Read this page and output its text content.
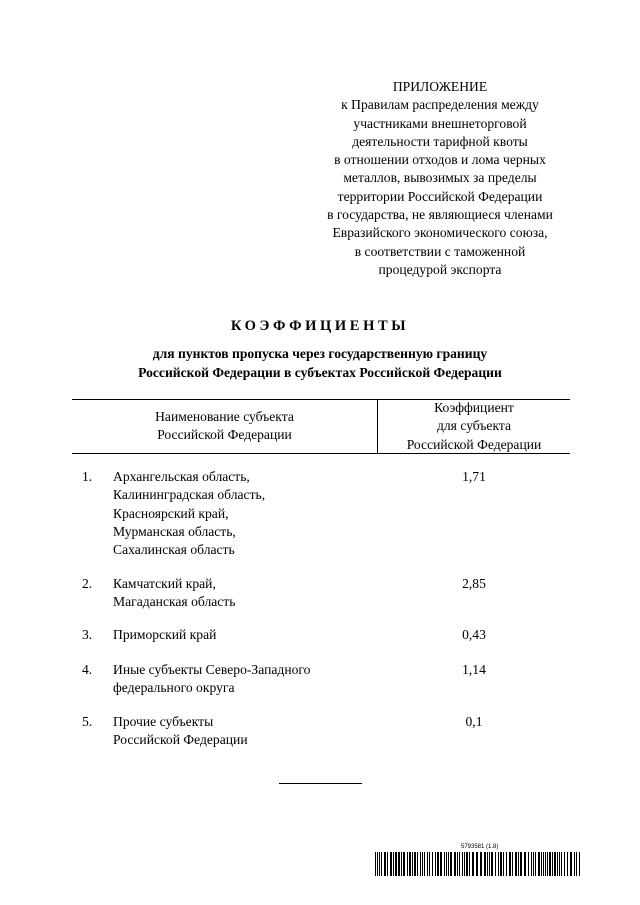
ПРИЛОЖЕНИЕ
к Правилам распределения между
участниками внешнеторговой
деятельности тарифной квоты
в отношении отходов и лома черных
металлов, вывозимых за пределы
территории Российской Федерации
в государства, не являющиеся членами
Евразийского экономического союза,
в соответствии с таможенной
процедурой экспорта
КОЭФФИЦИЕНТЫ
для пунктов пропуска через государственную границу
Российской Федерации в субъектах Российской Федерации
Наименование субъекта
Российской Федерации
Коэффициент
для субъекта
Российской Федерации
1. Архангельская область,
Калининградская область,
Красноярский край,
Мурманская область,
Сахалинская область
1,71
2. Камчатский край,
Магаданская область
2,85
3. Приморский край	0,43
4. Иные субъекты Северо-Западного
федерального округа
1,14
5. Прочие субъекты
Российской Федерации
0,1
5793581 (1.8)
